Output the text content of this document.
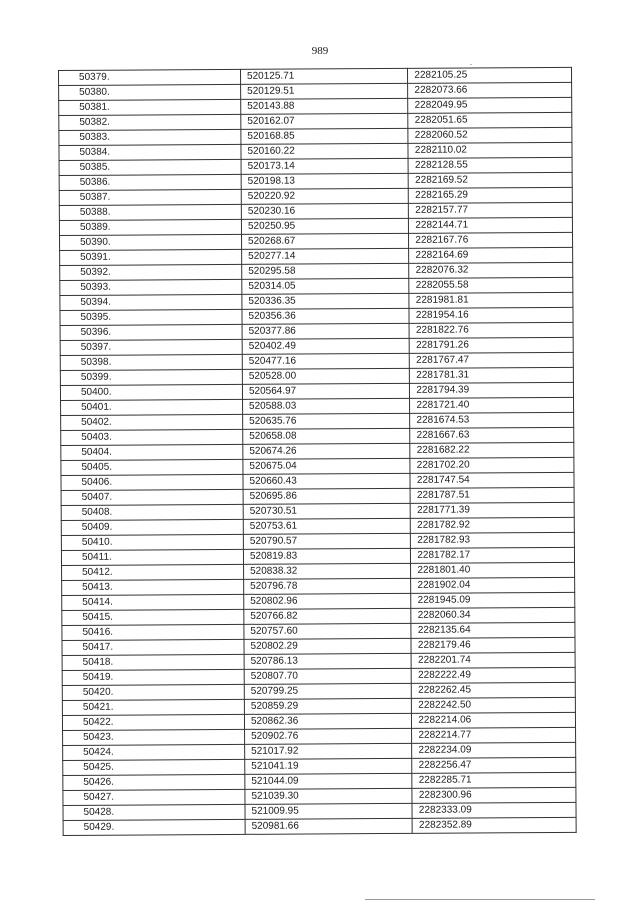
989
50379.	520125.71	2282105.25
50380.	520129.51	2282073.66
50381.	520143.88	2282049.95
50382.	520162.07	2282051.65
50383.	520168.85	2282060.52
50384.	520160.22	2282110.02
50385.	520173.14	2282128.55
50386.	520198.13	2282169.52
50387.	520220.92	2282165.29
50388.	520230.16	2282157.77
50389.	520250.95	2282144.71
50390.	520268.67	2282167.76
50391.	520277.14	2282164.69
50392.	520295.58	2282076.32
50393.	520314.05	2282055.58
50394.	520336.35	2281981.81
50395.	520356.36	2281954.16
50396.	520377.86	2281822.76
50397.	520402.49	2281791.26
50398.	520477.16	2281767.47
50399.	520528.00	2281781.31
50400.	520564.97	2281794.39
50401.	520588.03	2281721.40
50402.	520635.76	2281674.53
50403.	520658.08	2281667.63
50404.	520674.26	2281682.22
50405.	520675.04	2281702.20
50406.	520660.43	2281747.54
50407.	520695.86	2281787.51
50408.	520730.51	2281771.39
50409.	520753.61	2281782.92
50410.	520790.57	2281782.93
50411.	520819.83	2281782.17
50412.	520838.32	2281801.40
50413.	520796.78	2281902.04
50414.	520802.96	2281945.09
50415.	520766.82	2282060.34
50416.	520757.60	2282135.64
50417.	520802.29	2282179.46
50418.	520786.13	2282201.74
50419.	520807.70	2282222.49
50420.	520799.25	2282262.45
50421.	520859.29	2282242.50
50422.	520862.36	2282214.06
50423.	520902.76	2282214.77
50424.	521017.92	2282234.09
50425.	521041.19	2282256.47
50426.	521044.09	2282285.71
50427.	521039.30	2282300.96
50428.	521009.95	2282333.09
50429.	520981.66	2282352.89
